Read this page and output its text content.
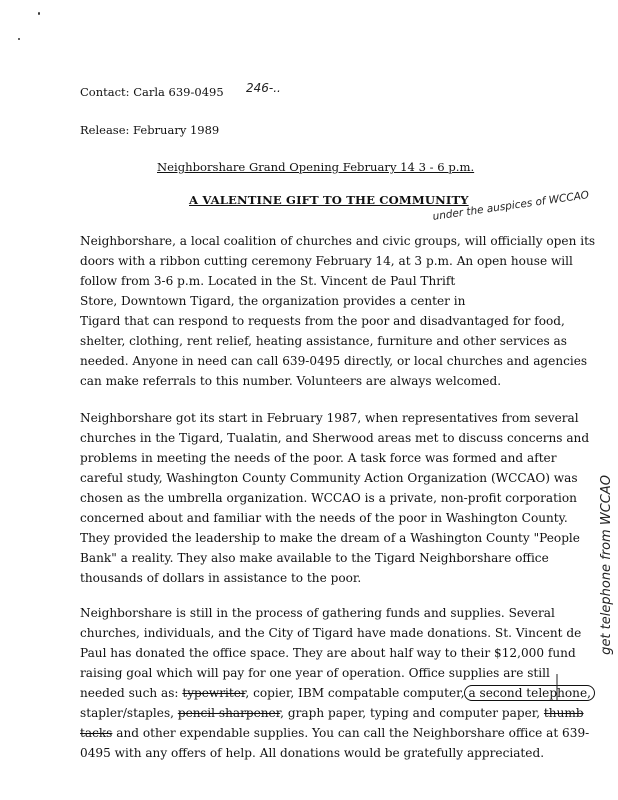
Contact: Carla 639-0495 246-..
Release: February 1989
Neighborshare Grand Opening February 14 3 - 6 p.m.
A VALENTINE GIFT TO THE COMMUNITY
under the auspices of WCCAO
Neighborshare, a local coalition of churches and civic groups, will officially open its
doors with a ribbon cutting ceremony February 14, at 3 p.m. An open house will
follow from 3-6 p.m. Located in the St. Vincent de Paul Thrift
Store, Downtown Tigard, the organization provides a center in
Tigard that can respond to requests from the poor and disadvantaged for food,
shelter, clothing, rent relief, heating assistance, furniture and other services as
needed. Anyone in need can call 639-0495 directly, or local churches and agencies
can make referrals to this number. Volunteers are always welcomed.
Neighborshare got its start in February 1987, when representatives from several
churches in the Tigard, Tualatin, and Sherwood areas met to discuss concerns and
problems in meeting the needs of the poor. A task force was formed and after
careful study, Washington County Community Action Organization (WCCAO) was
chosen as the umbrella organization. WCCAO is a private, non-profit corporation
concerned about and familiar with the needs of the poor in Washington County.
They provided the leadership to make the dream of a Washington County "People
Bank" a reality. They also make available to the Tigard Neighborshare office
thousands of dollars in assistance to the poor.
Neighborshare is still in the process of gathering funds and supplies. Several
churches, individuals, and the City of Tigard have made donations. St. Vincent de
Paul has donated the office space. They are about half way to their $12,000 fund
raising goal which will pay for one year of operation. Office supplies are still
needed such as: typewriter, copier, IBM compatable computer, a second telephone,
stapler/staples, pencil sharpener, graph paper, typing and computer paper, thumb
tacks and other expendable supplies. You can call the Neighborshare office at 639-
0495 with any offers of help. All donations would be gratefully appreciated.
get telephone from WCCAO
